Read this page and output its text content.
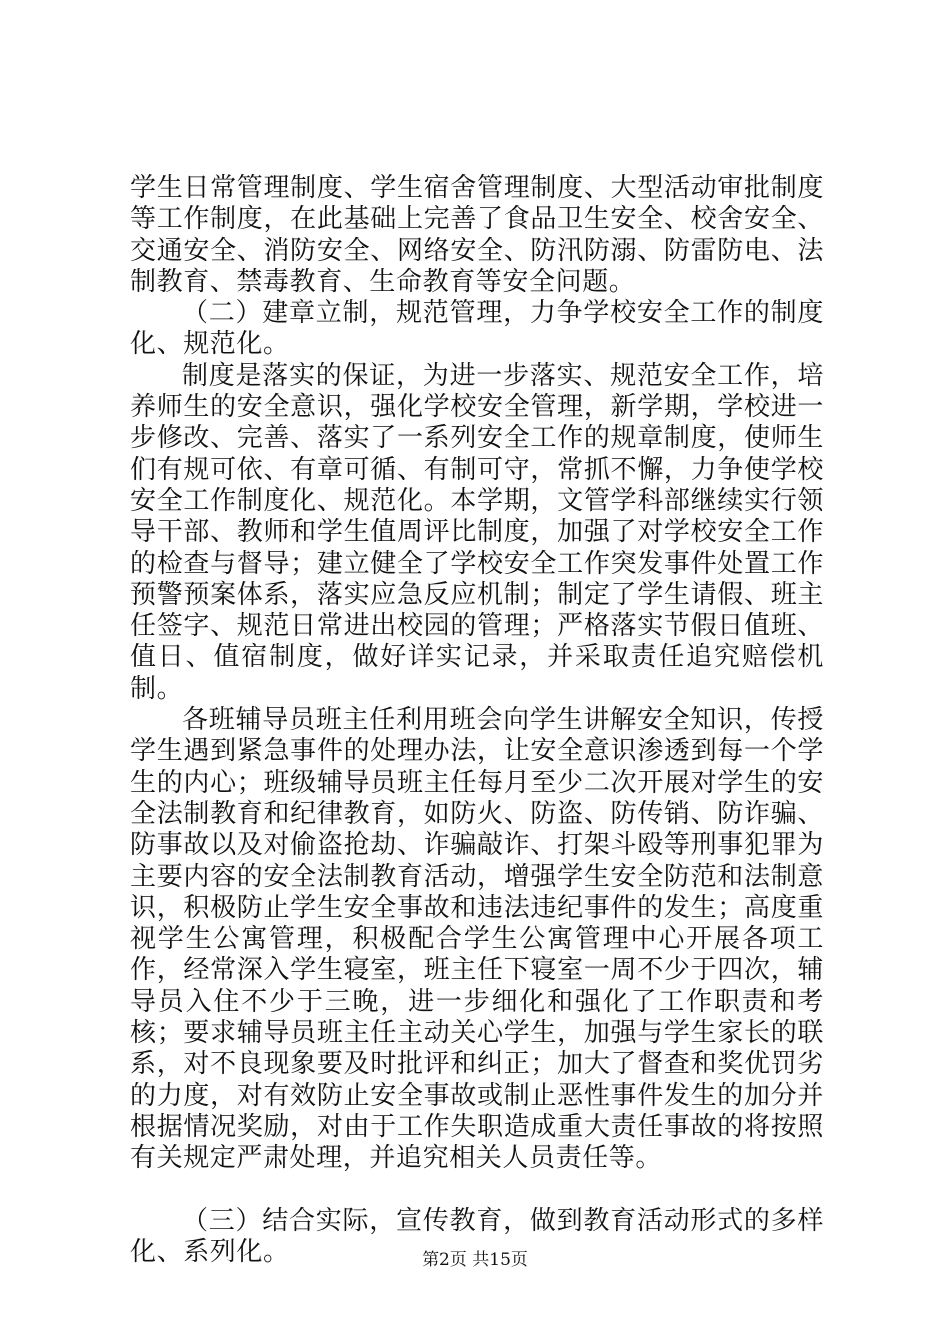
学生日常管理制度、学生宿舍管理制度、大型活动审批制度等工作制度，在此基础上完善了食品卫生安全、校舍安全、交通安全、消防安全、网络安全、防汛防溺、防雷防电、法制教育、禁毒教育、生命教育等安全问题。

（二）建章立制，规范管理，力争学校安全工作的制度化、规范化。

制度是落实的保证，为进一步落实、规范安全工作，培养师生的安全意识，强化学校安全管理，新学期，学校进一步修改、完善、落实了一系列安全工作的规章制度，使师生们有规可依、有章可循、有制可守，常抓不懈，力争使学校安全工作制度化、规范化。本学期，文管学科部继续实行领导干部、教师和学生值周评比制度，加强了对学校安全工作的检查与督导；建立健全了学校安全工作突发事件处置工作预警预案体系，落实应急反应机制；制定了学生请假、班主任签字、规范日常进出校园的管理；严格落实节假日值班、值日、值宿制度，做好详实记录，并采取责任追究赔偿机制。

各班辅导员班主任利用班会向学生讲解安全知识，传授学生遇到紧急事件的处理办法，让安全意识渗透到每一个学生的内心；班级辅导员班主任每月至少二次开展对学生的安全法制教育和纪律教育，如防火、防盗、防传销、防诈骗、防事故以及对偷盗抢劫、诈骗敲诈、打架斗殴等刑事犯罪为主要内容的安全法制教育活动，增强学生安全防范和法制意识，积极防止学生安全事故和违法违纪事件的发生；高度重视学生公寓管理，积极配合学生公寓管理中心开展各项工作，经常深入学生寝室，班主任下寝室一周不少于四次，辅导员入住不少于三晚，进一步细化和强化了工作职责和考核；要求辅导员班主任主动关心学生，加强与学生家长的联系，对不良现象要及时批评和纠正；加大了督查和奖优罚劣的力度，对有效防止安全事故或制止恶性事件发生的加分并根据情况奖励，对由于工作失职造成重大责任事故的将按照有关规定严肃处理，并追究相关人员责任等。

（三）结合实际，宣传教育，做到教育活动形式的多样化、系列化。	第2页 共15页
